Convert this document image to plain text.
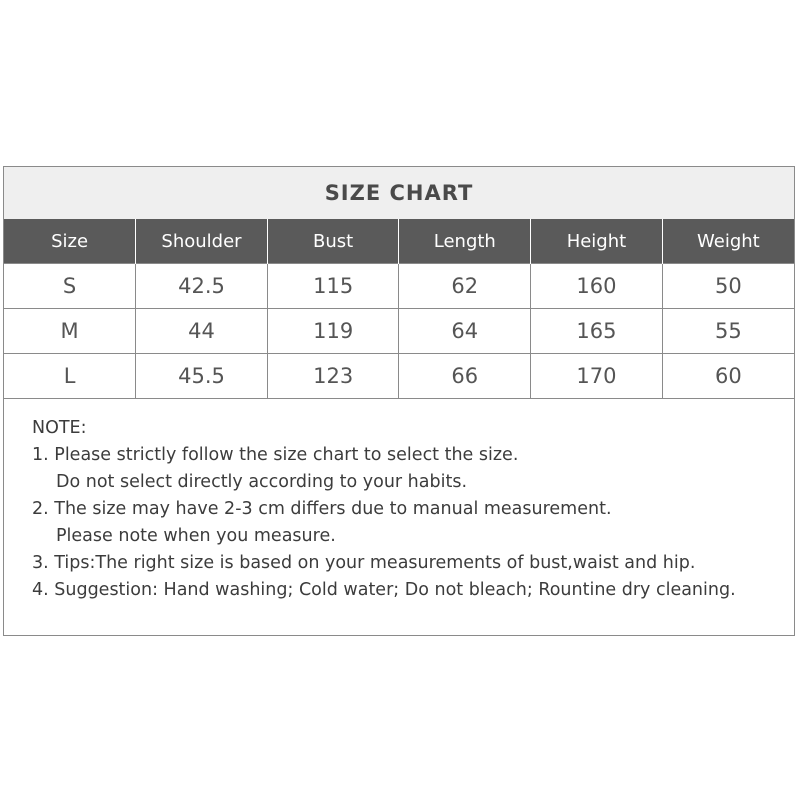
SIZE CHART
Size	Shoulder	Bust	Length	Height	Weight
S	42.5	115	62	160	50
M	44	119	64	165	55
L	45.5	123	66	170	60
NOTE:
1. Please strictly follow the size chart to select the size.
Do not select directly according to your habits.
2. The size may have 2-3 cm differs due to manual measurement.
Please note when you measure.
3. Tips:The right size is based on your measurements of bust,waist and hip.
4. Suggestion: Hand washing; Cold water; Do not bleach; Rountine dry cleaning.
